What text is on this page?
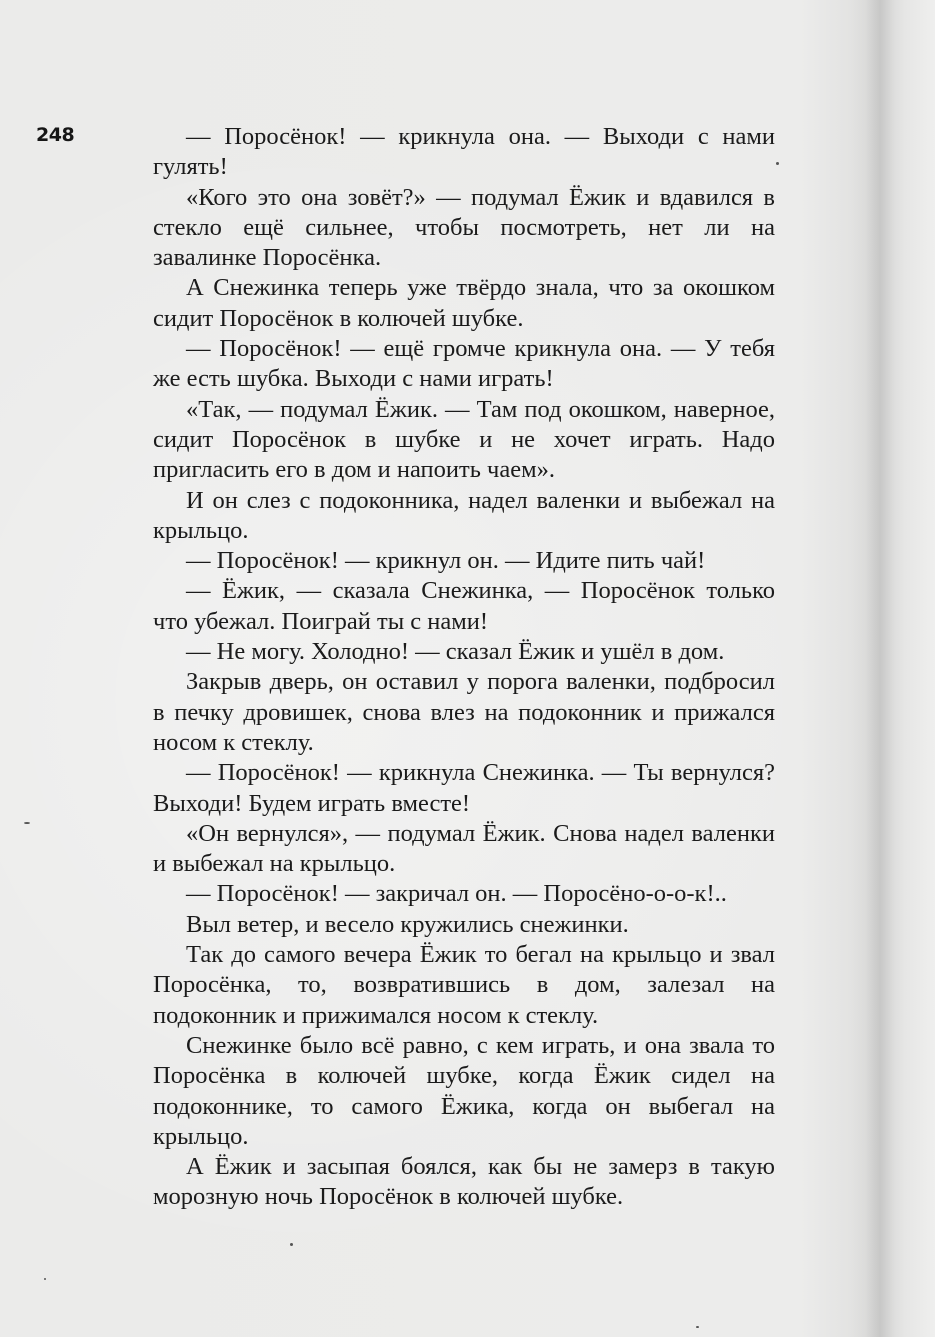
248	— Поросёнок! — крикнула она. — Выходи с нами гулять!

«Кого это она зовёт?» — подумал Ёжик и вдавился в стекло ещё сильнее, чтобы посмотреть, нет ли на завалинке Поросёнка.

А Снежинка теперь уже твёрдо знала, что за окошком сидит Поросёнок в колючей шубке.

— Поросёнок! — ещё громче крикнула она. — У тебя же есть шубка. Выходи с нами играть!

«Так, — подумал Ёжик. — Там под окошком, наверное, сидит Поросёнок в шубке и не хочет играть. Надо пригласить его в дом и напоить чаем».

И он слез с подоконника, надел валенки и выбежал на крыльцо.

— Поросёнок! — крикнул он. — Идите пить чай!

— Ёжик, — сказала Снежинка, — Поросёнок только что убежал. Поиграй ты с нами!

— Не могу. Холодно! — сказал Ёжик и ушёл в дом.

Закрыв дверь, он оставил у порога валенки, подбросил в печку дровишек, снова влез на подоконник и прижался носом к стеклу.

— Поросёнок! — крикнула Снежинка. — Ты вернулся? Выходи! Будем играть вместе!

«Он вернулся», — подумал Ёжик. Снова надел валенки и выбежал на крыльцо.

— Поросёнок! — закричал он. — Поросёно-о-о-к!..

Выл ветер, и весело кружились снежинки.

Так до самого вечера Ёжик то бегал на крыльцо и звал Поросёнка, то, возвратившись в дом, залезал на подоконник и прижимался носом к стеклу.

Снежинке было всё равно, с кем играть, и она звала то Поросёнка в колючей шубке, когда Ёжик сидел на подоконнике, то самого Ёжика, когда он выбегал на крыльцо.

А Ёжик и засыпая боялся, как бы не замерз в такую морозную ночь Поросёнок в колючей шубке.
